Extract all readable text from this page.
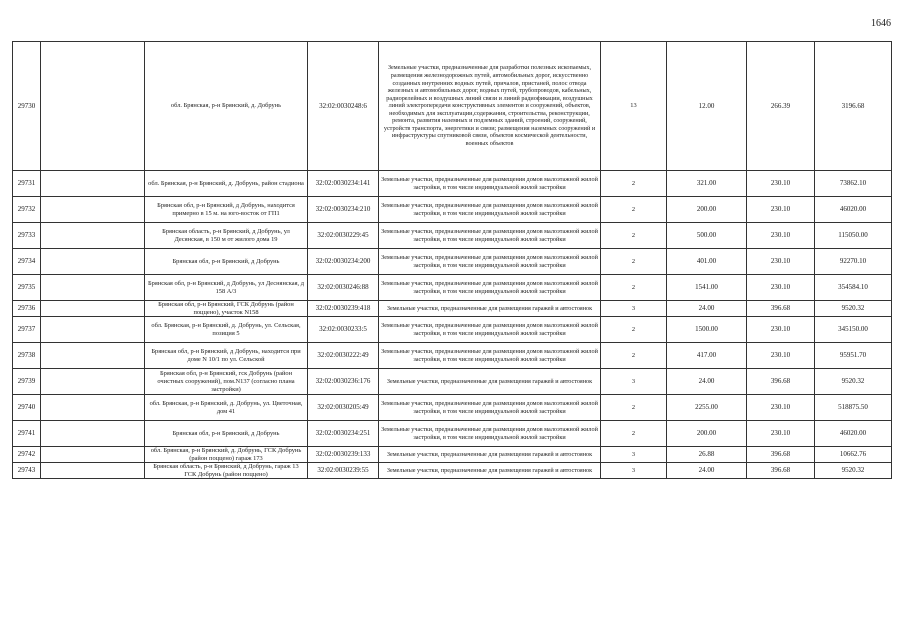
1646
29730		обл. Брянская, р-н Брянский, д. Добрунь	32:02:0030248:6	Земельные участки, предназначенные для разработки полезных ископаемых, размещения железнодорожных путей, автомобильных дорог, искусственно созданных внутренних водных путей, причалов, пристаней, полос отвода железных и автомобильных дорог, водных путей, трубопроводов, кабельных, радиорелейных и воздушных линий связи и линий радиофикации, воздушных линий электропередачи конструктивных элементов и сооружений, объектов, необходимых для эксплуатации,содержания, строительства, реконструкции, ремонта, развития наземных и подземных зданий, строений, сооружений, устройств транспорта, энергетики и связи; размещения наземных сооружений и инфраструктуры спутниковой связи, объектов космической деятельности, военных объектов	13	12.00	266.39	3196.68
29731		обл. Брянская, р-н Брянский, д. Добрунь, район стадиона	32:02:0030234:141	Земельные участки, предназначенные для размещения домов малоэтажной жилой застройки, в том числе индивидуальной жилой застройки	2	321.00	230.10	73862.10
29732		Брянская обл, р-н Брянский, д Добрунь, находится примерно в 15 м. на юго-восток от ГП1	32:02:0030234:210	Земельные участки, предназначенные для размещения домов малоэтажной жилой застройки, в том числе индивидуальной жилой застройки	2	200.00	230.10	46020.00
29733		Брянская область, р-н Брянский, д Добрунь, ул Десянская, в 150 м от жилого дома 19	32:02:0030229:45	Земельные участки, предназначенные для размещения домов малоэтажной жилой застройки, в том числе индивидуальной жилой застройки	2	500.00	230.10	115050.00
29734		Брянская обл, р-н Брянский, д Добрунь	32:02:0030234:200	Земельные участки, предназначенные для размещения домов малоэтажной жилой застройки, в том числе индивидуальной жилой застройки	2	401.00	230.10	92270.10
29735		Брянская обл, р-н Брянский, д Добрунь, ул Деснянская, д 158 А/3	32:02:0030246:88	Земельные участки, предназначенные для размещения домов малоэтажной жилой застройки, в том числе индивидуальной жилой застройки	2	1541.00	230.10	354584.10
29736		Брянская обл, р-н Брянский, ГСК Добрунь (район поццено), участок N158	32:02:0030239:418	Земельные участки, предназначенные для размещения гаражей и автостоянок	3	24.00	396.68	9520.32
29737		обл. Брянская, р-н Брянский, д. Добрунь, ул. Сельская, позиция 5	32:02:0030233:5	Земельные участки, предназначенные для размещения домов малоэтажной жилой застройки, в том числе индивидуальной жилой застройки	2	1500.00	230.10	345150.00
29738		Брянская обл, р-н Брянский, д Добрунь, находится при доме N 10/1 по ул. Сельской	32:02:0030222:49	Земельные участки, предназначенные для размещения домов малоэтажной жилой застройки, в том числе индивидуальной жилой застройки	2	417.00	230.10	95951.70
29739		Брянская обл, р-н Брянский, гск Добрунь (район очистных сооружений), пом.N137 (согласно плана застройки)	32:02:0030236:176	Земельные участки, предназначенные для размещения гаражей и автостоянок	3	24.00	396.68	9520.32
29740		обл. Брянская, р-н Брянский, д. Добрунь, ул. Цветочная, дом 41	32:02:0030205:49	Земельные участки, предназначенные для размещения домов малоэтажной жилой застройки, в том числе индивидуальной жилой застройки	2	2255.00	230.10	518875.50
29741		Брянская обл, р-н Брянский, д Добрунь	32:02:0030234:251	Земельные участки, предназначенные для размещения домов малоэтажной жилой застройки, в том числе индивидуальной жилой застройки	2	200.00	230.10	46020.00
29742		обл. Брянская, р-н Брянский, д. Добрунь, ГСК Добрунь (район поццено) гараж 173	32:02:0030239:133	Земельные участки, предназначенные для размещения гаражей и автостоянок	3	26.88	396.68	10662.76
29743		Брянская область, р-н Брянский, д Добрунь, гараж 13 ГСК Добрунь (район поццено)	32:02:0030239:55	Земельные участки, предназначенные для размещения гаражей и автостоянок	3	24.00	396.68	9520.32
